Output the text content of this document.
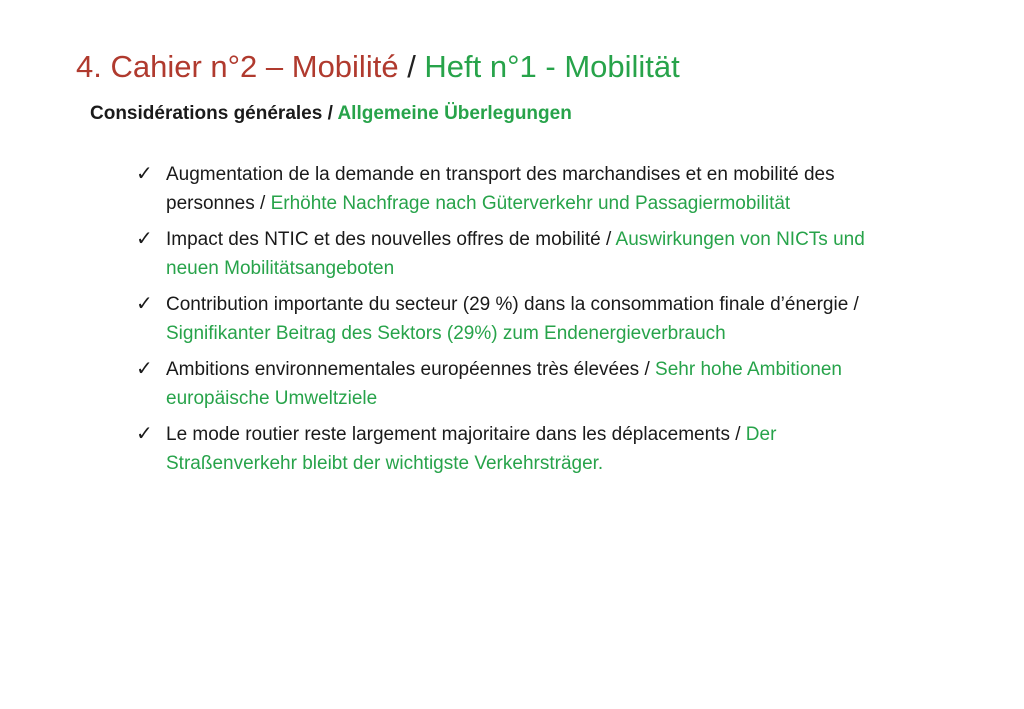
4. Cahier n°2 – Mobilité / Heft n°1 - Mobilität
Considérations générales / Allgemeine Überlegungen
✓ Augmentation de la demande en transport des marchandises et en mobilité des personnes / Erhöhte Nachfrage nach Güterverkehr und Passagiermobilität
✓ Impact des NTIC et des nouvelles offres de mobilité / Auswirkungen von NICTs und neuen Mobilitätsangeboten
✓ Contribution importante du secteur (29 %) dans la consommation finale d’énergie / Signifikanter Beitrag des Sektors (29%) zum Endenergieverbrauch
✓ Ambitions environnementales européennes très élevées / Sehr hohe Ambitionen europäische Umweltziele
✓ Le mode routier reste largement majoritaire dans les déplacements / Der Straßenverkehr bleibt der wichtigste Verkehrsträger.
